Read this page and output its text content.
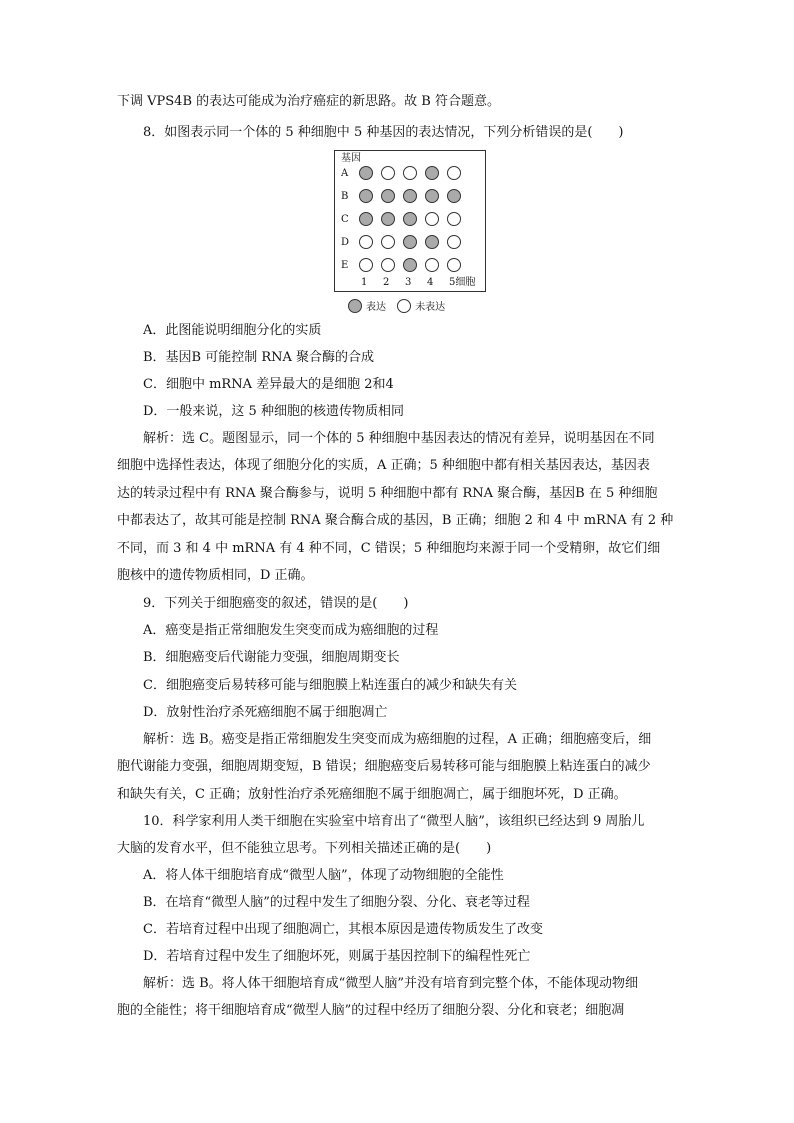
下调 VPS4B 的表达可能成为治疗癌症的新思路。故 B 符合题意。
8．如图表示同一个体的 5 种细胞中 5 种基因的表达情况，下列分析错误的是(　　)
基因
A
B
C
D
E
1 2 3 4 5细胞
表达	未表达
A．此图能说明细胞分化的实质
B．基因B 可能控制 RNA 聚合酶的合成
C．细胞中 mRNA 差异最大的是细胞 2和4
D．一般来说，这 5 种细胞的核遗传物质相同
解析：选 C。题图显示，同一个体的 5 种细胞中基因表达的情况有差异，说明基因在不同
细胞中选择性表达，体现了细胞分化的实质，A 正确；5 种细胞中都有相关基因表达，基因表
达的转录过程中有 RNA 聚合酶参与，说明 5 种细胞中都有 RNA 聚合酶，基因B 在 5 种细胞
中都表达了，故其可能是控制 RNA 聚合酶合成的基因，B 正确；细胞 2 和 4 中 mRNA 有 2 种
不同，而 3 和 4 中 mRNA 有 4 种不同，C 错误；5 种细胞均来源于同一个受精卵，故它们细
胞核中的遗传物质相同，D 正确。
9．下列关于细胞癌变的叙述，错误的是(　　)
A．癌变是指正常细胞发生突变而成为癌细胞的过程
B．细胞癌变后代谢能力变强，细胞周期变长
C．细胞癌变后易转移可能与细胞膜上粘连蛋白的减少和缺失有关
D．放射性治疗杀死癌细胞不属于细胞凋亡
解析：选 B。癌变是指正常细胞发生突变而成为癌细胞的过程，A 正确；细胞癌变后，细
胞代谢能力变强，细胞周期变短，B 错误；细胞癌变后易转移可能与细胞膜上粘连蛋白的减少
和缺失有关，C 正确；放射性治疗杀死癌细胞不属于细胞凋亡，属于细胞坏死，D 正确。
10．科学家利用人类干细胞在实验室中培育出了“微型人脑”，该组织已经达到 9 周胎儿
大脑的发育水平，但不能独立思考。下列相关描述正确的是(　　)
A．将人体干细胞培育成“微型人脑”，体现了动物细胞的全能性
B．在培育“微型人脑”的过程中发生了细胞分裂、分化、衰老等过程
C．若培育过程中出现了细胞凋亡，其根本原因是遗传物质发生了改变
D．若培育过程中发生了细胞坏死，则属于基因控制下的编程性死亡
解析：选 B。将人体干细胞培育成“微型人脑”并没有培育到完整个体，不能体现动物细
胞的全能性；将干细胞培育成“微型人脑”的过程中经历了细胞分裂、分化和衰老；细胞凋
